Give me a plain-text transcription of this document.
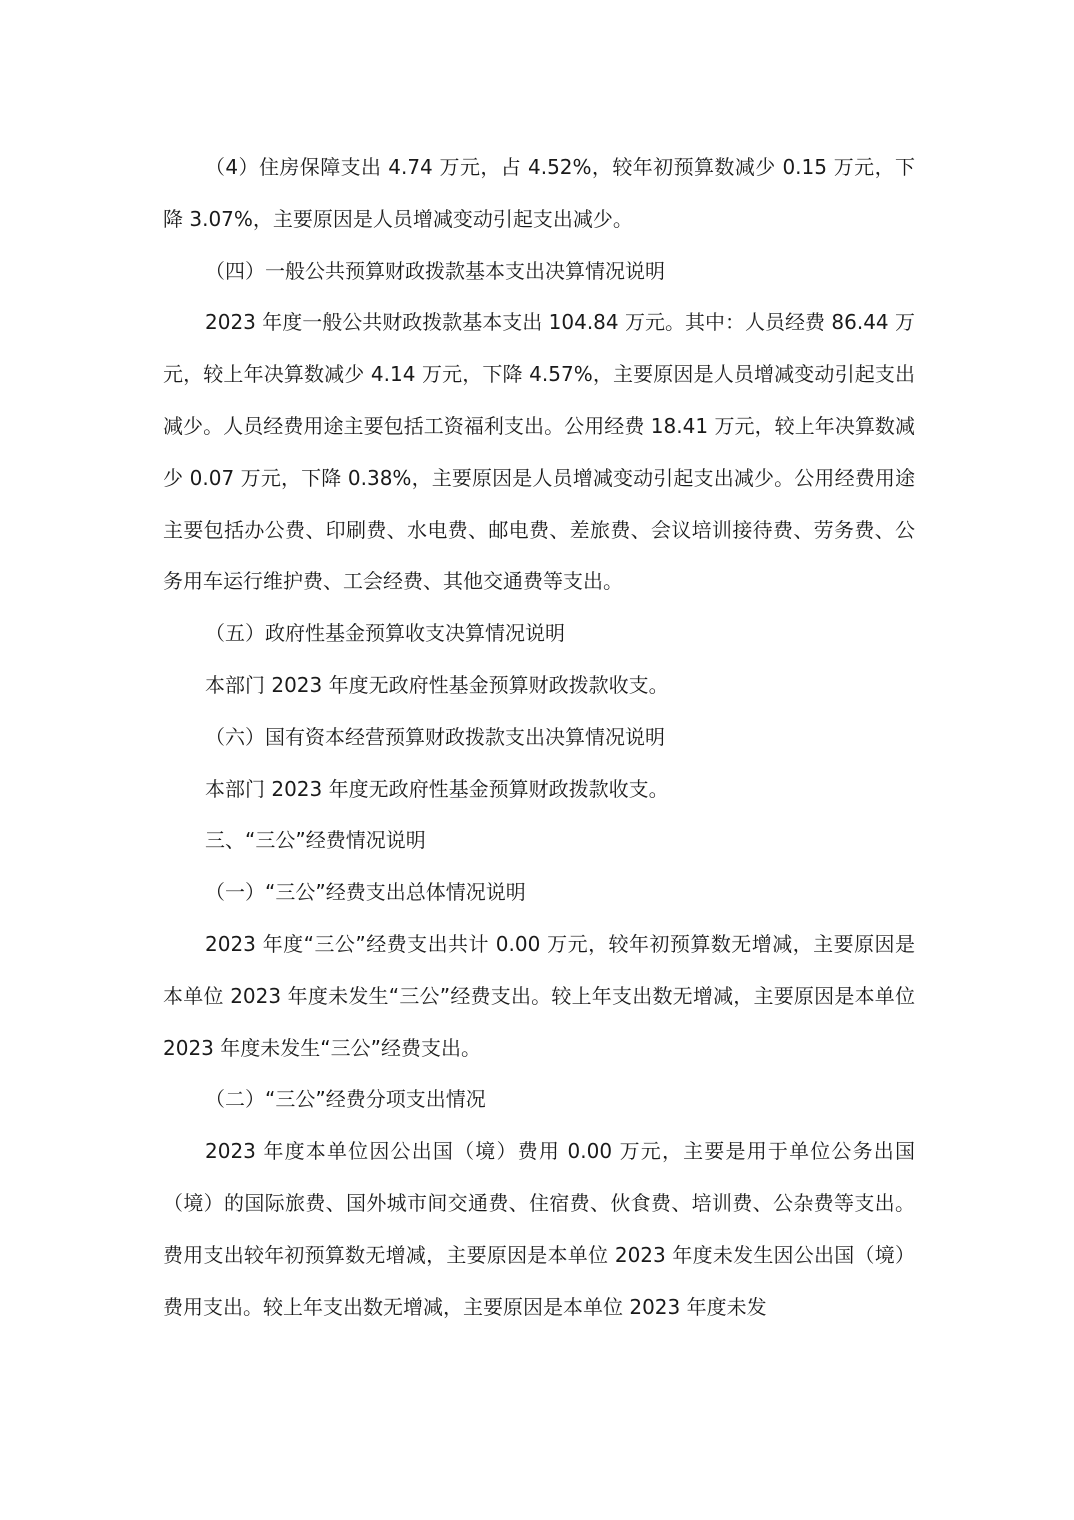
（4）住房保障支出 4.74 万元，占 4.52%，较年初预算数减少 0.15 万元，下降 3.07%，主要原因是人员增减变动引起支出减少。

（四）一般公共预算财政拨款基本支出决算情况说明

2023 年度一般公共财政拨款基本支出 104.84 万元。其中：人员经费 86.44 万元，较上年决算数减少 4.14 万元，下降 4.57%，主要原因是人员增减变动引起支出减少。人员经费用途主要包括工资福利支出。公用经费 18.41 万元，较上年决算数减少 0.07 万元，下降 0.38%，主要原因是人员增减变动引起支出减少。公用经费用途主要包括办公费、印刷费、水电费、邮电费、差旅费、会议培训接待费、劳务费、公务用车运行维护费、工会经费、其他交通费等支出。

（五）政府性基金预算收支决算情况说明

本部门 2023 年度无政府性基金预算财政拨款收支。

（六）国有资本经营预算财政拨款支出决算情况说明

本部门 2023 年度无政府性基金预算财政拨款收支。

三、“三公”经费情况说明

（一）“三公”经费支出总体情况说明

2023 年度“三公”经费支出共计 0.00 万元，较年初预算数无增减，主要原因是本单位 2023 年度未发生“三公”经费支出。较上年支出数无增减，主要原因是本单位 2023 年度未发生“三公”经费支出。

（二）“三公”经费分项支出情况

2023 年度本单位因公出国（境）费用 0.00 万元，主要是用于单位公务出国（境）的国际旅费、国外城市间交通费、住宿费、伙食费、培训费、公杂费等支出。费用支出较年初预算数无增减，主要原因是本单位 2023 年度未发生因公出国（境）费用支出。较上年支出数无增减，主要原因是本单位 2023 年度未发
